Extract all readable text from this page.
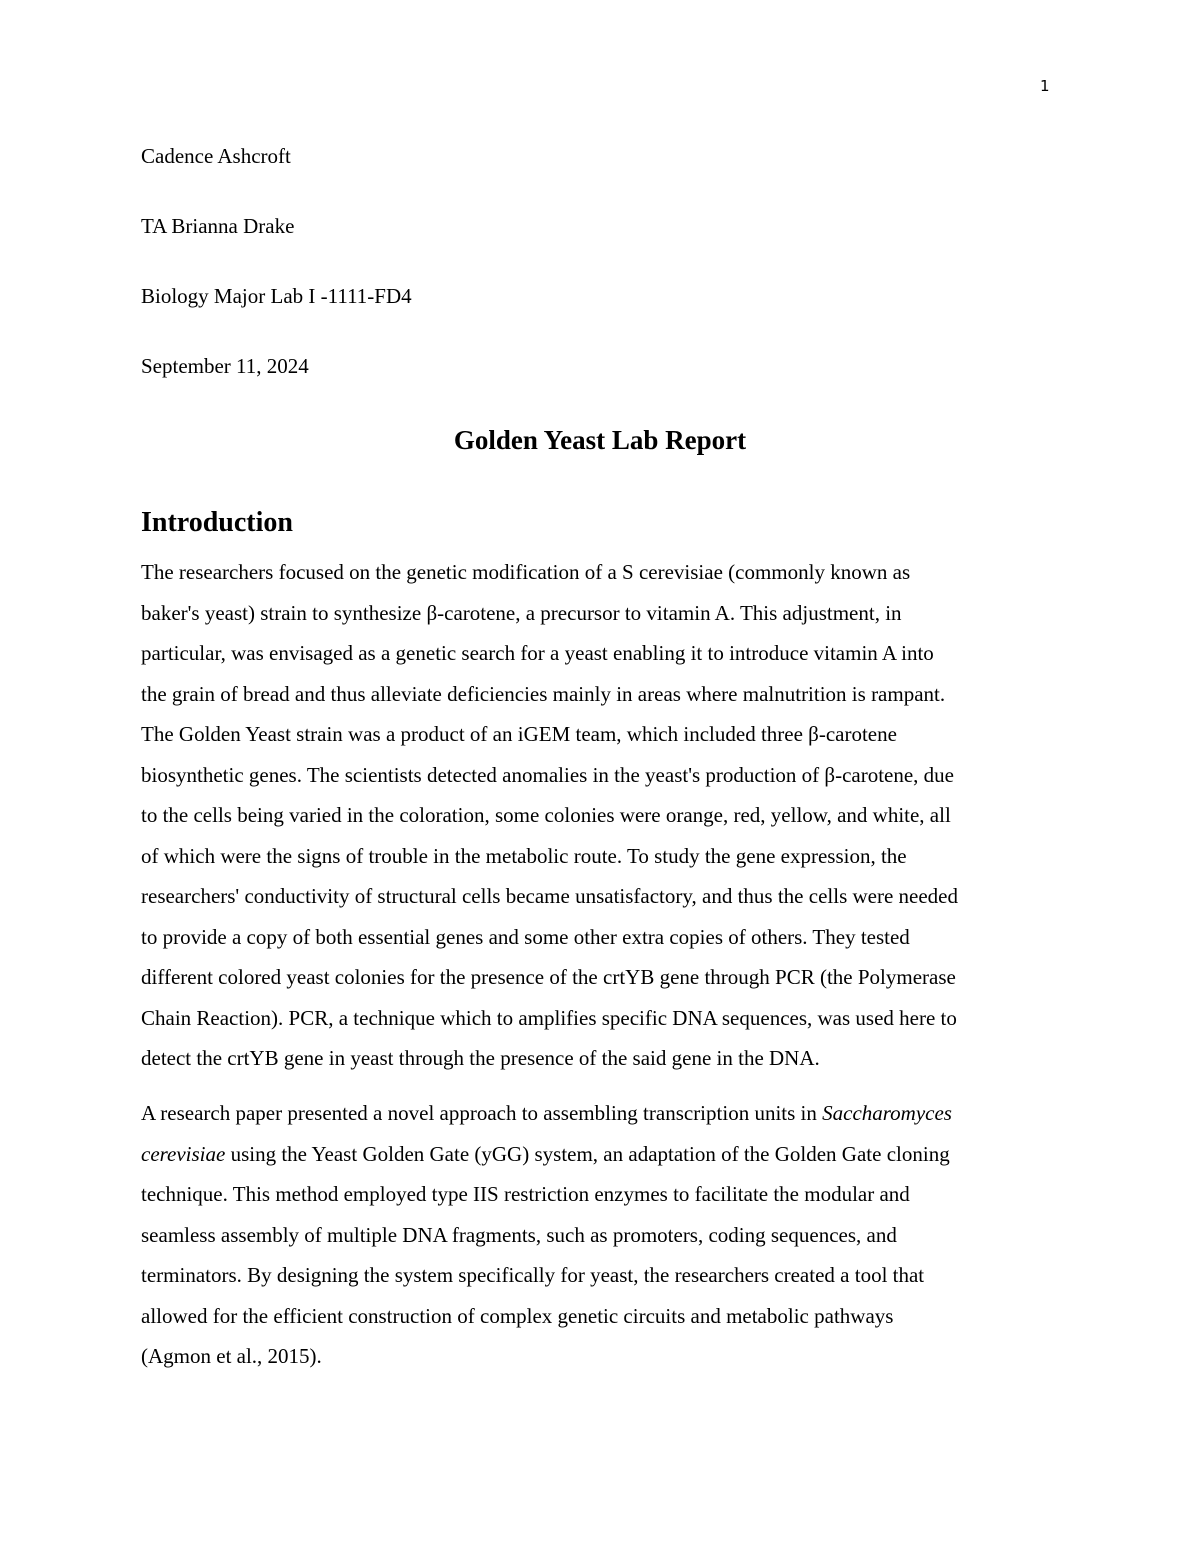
1
Cadence Ashcroft
TA Brianna Drake
Biology Major Lab I -1111-FD4
September 11, 2024
Golden Yeast Lab Report
Introduction
The researchers focused on the genetic modification of a S cerevisiae (commonly known as
baker's yeast) strain to synthesize β-carotene, a precursor to vitamin A. This adjustment, in
particular, was envisaged as a genetic search for a yeast enabling it to introduce vitamin A into
the grain of bread and thus alleviate deficiencies mainly in areas where malnutrition is rampant.
The Golden Yeast strain was a product of an iGEM team, which included three β-carotene
biosynthetic genes. The scientists detected anomalies in the yeast's production of β-carotene, due
to the cells being varied in the coloration, some colonies were orange, red, yellow, and white, all
of which were the signs of trouble in the metabolic route. To study the gene expression, the
researchers' conductivity of structural cells became unsatisfactory, and thus the cells were needed
to provide a copy of both essential genes and some other extra copies of others. They tested
different colored yeast colonies for the presence of the crtYB gene through PCR (the Polymerase
Chain Reaction). PCR, a technique which to amplifies specific DNA sequences, was used here to
detect the crtYB gene in yeast through the presence of the said gene in the DNA.
A research paper presented a novel approach to assembling transcription units in Saccharomyces
cerevisiae using the Yeast Golden Gate (yGG) system, an adaptation of the Golden Gate cloning
technique. This method employed type IIS restriction enzymes to facilitate the modular and
seamless assembly of multiple DNA fragments, such as promoters, coding sequences, and
terminators. By designing the system specifically for yeast, the researchers created a tool that
allowed for the efficient construction of complex genetic circuits and metabolic pathways
(Agmon et al., 2015).
